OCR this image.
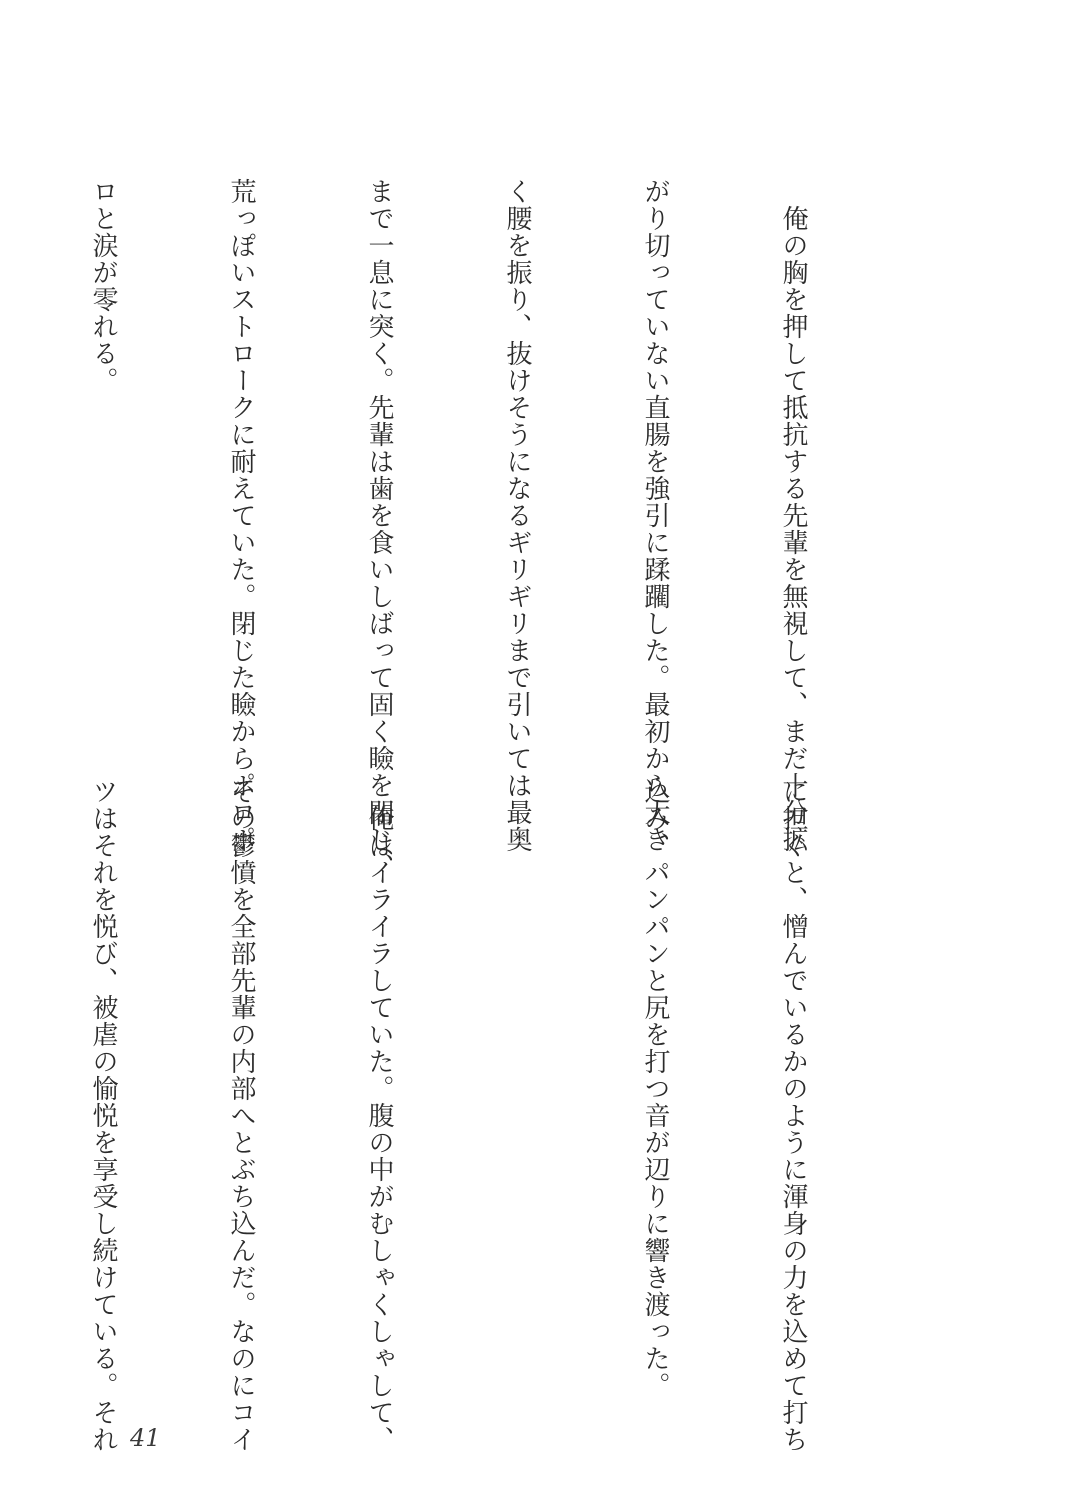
　俺の胸を押して抵抗する先輩を無視して、まだ十分拡

がり切っていない直腸を強引に蹂躙した。最初から大き

く腰を振り、抜けそうになるギリギリまで引いては最奥

まで一息に突く。先輩は歯を食いしばって固く瞼を閉じ、

荒っぽいストロークに耐えていた。閉じた瞼からポロポ

ロと涙が零れる。

に担ぐと、憎んでいるかのように渾身の力を込めて打ち

込み、パンパンと尻を打つ音が辺りに響き渡った。

　俺はイライラしていた。腹の中がむしゃくしゃして、

その鬱憤を全部先輩の内部へとぶち込んだ。なのにコイ

ツはそれを悦び、被虐の愉悦を享受し続けている。それ

41
